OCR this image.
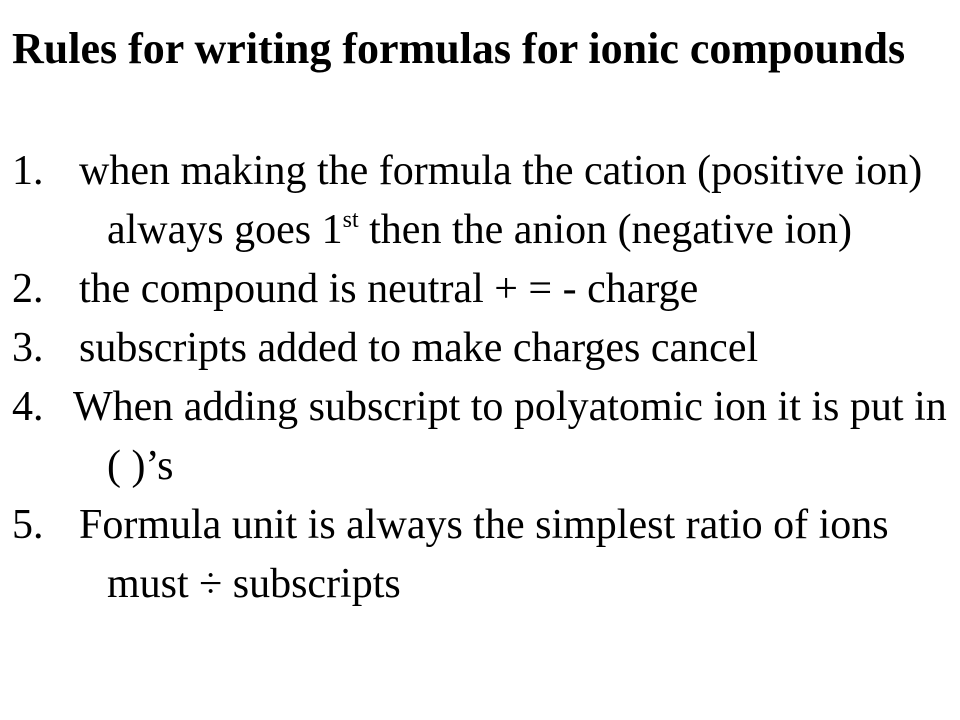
Rules for writing formulas for ionic compounds
1. when making the formula the cation (positive ion) always goes 1st then the anion (negative ion)
2. the compound is neutral + = - charge
3. subscripts added to make charges cancel
4. When adding subscript to polyatomic ion it is put in ( )’s
5. Formula unit is always the simplest ratio of ions must ÷ subscripts
